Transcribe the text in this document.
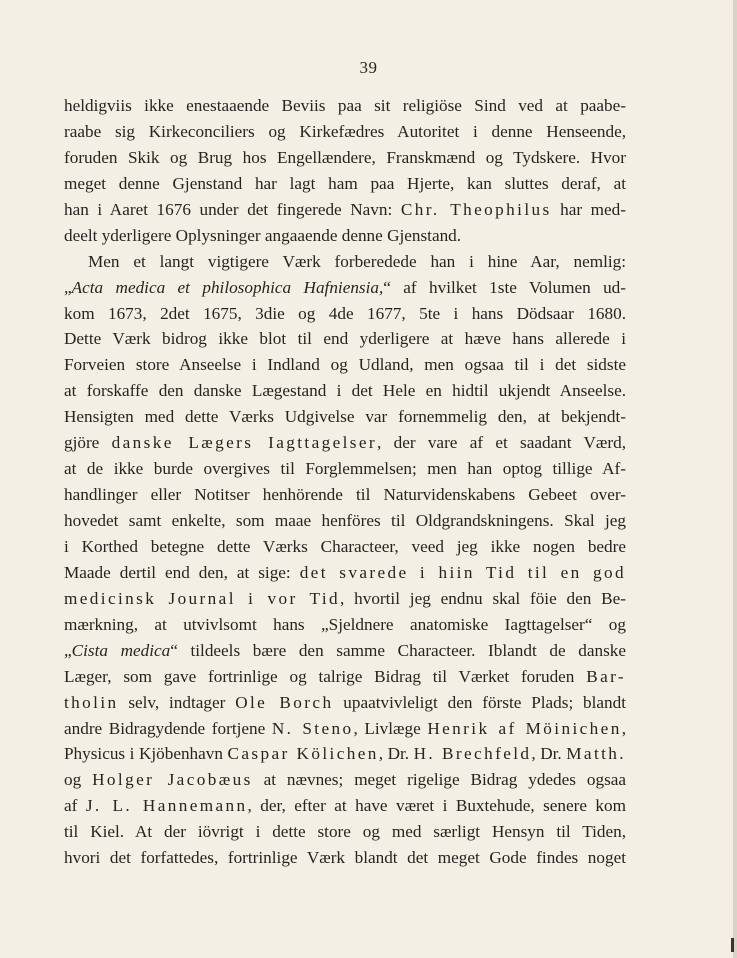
39
heldigviis ikke enestaaende Beviis paa sit religiöse Sind ved at paabe-
raabe sig Kirkeconciliers og Kirkefædres Autoritet i denne Henseende,
foruden Skik og Brug hos Engellændere, Franskmænd og Tydskere. Hvor
meget denne Gjenstand har lagt ham paa Hjerte, kan sluttes deraf, at
han i Aaret 1676 under det fingerede Navn: Chr. Theophilus har med-
deelt yderligere Oplysninger angaaende denne Gjenstand.
Men et langt vigtigere Værk forberedede han i hine Aar, nemlig:
„Acta medica et philosophica Hafniensia,“ af hvilket 1ste Volumen ud-
kom 1673, 2det 1675, 3die og 4de 1677, 5te i hans Dödsaar 1680.
Dette Værk bidrog ikke blot til end yderligere at hæve hans allerede i
Forveien store Anseelse i Indland og Udland, men ogsaa til i det sidste
at forskaffe den danske Lægestand i det Hele en hidtil ukjendt Anseelse.
Hensigten med dette Værks Udgivelse var fornemmelig den, at bekjendt-
gjöre danske Lægers Iagttagelser, der vare af et saadant Værd,
at de ikke burde overgives til Forglemmelsen; men han optog tillige Af-
handlinger eller Notitser henhörende til Naturvidenskabens Gebeet over-
hovedet samt enkelte, som maae henföres til Oldgrandskningens. Skal jeg
i Korthed betegne dette Værks Characteer, veed jeg ikke nogen bedre
Maade dertil end den, at sige: det svarede i hiin Tid til en god
medicinsk Journal i vor Tid, hvortil jeg endnu skal föie den Be-
mærkning, at utvivlsomt hans „Sjeldnere anatomiske Iagttagelser“ og
„Cista medica“ tildeels bære den samme Characteer. Iblandt de danske
Læger, som gave fortrinlige og talrige Bidrag til Værket foruden Bar-
tholin selv, indtager Ole Borch upaatvivleligt den förste Plads; blandt
andre Bidragydende fortjene N. Steno, Livlæge Henrik af Möinichen,
Physicus i Kjöbenhavn Caspar Kölichen, Dr. H. Brechfeld, Dr. Matth.
og Holger Jacobæus at nævnes; meget rigelige Bidrag ydedes ogsaa
af J. L. Hannemann, der, efter at have været i Buxtehude, senere kom
til Kiel. At der iövrigt i dette store og med særligt Hensyn til Tiden,
hvori det forfattedes, fortrinlige Værk blandt det meget Gode findes noget
